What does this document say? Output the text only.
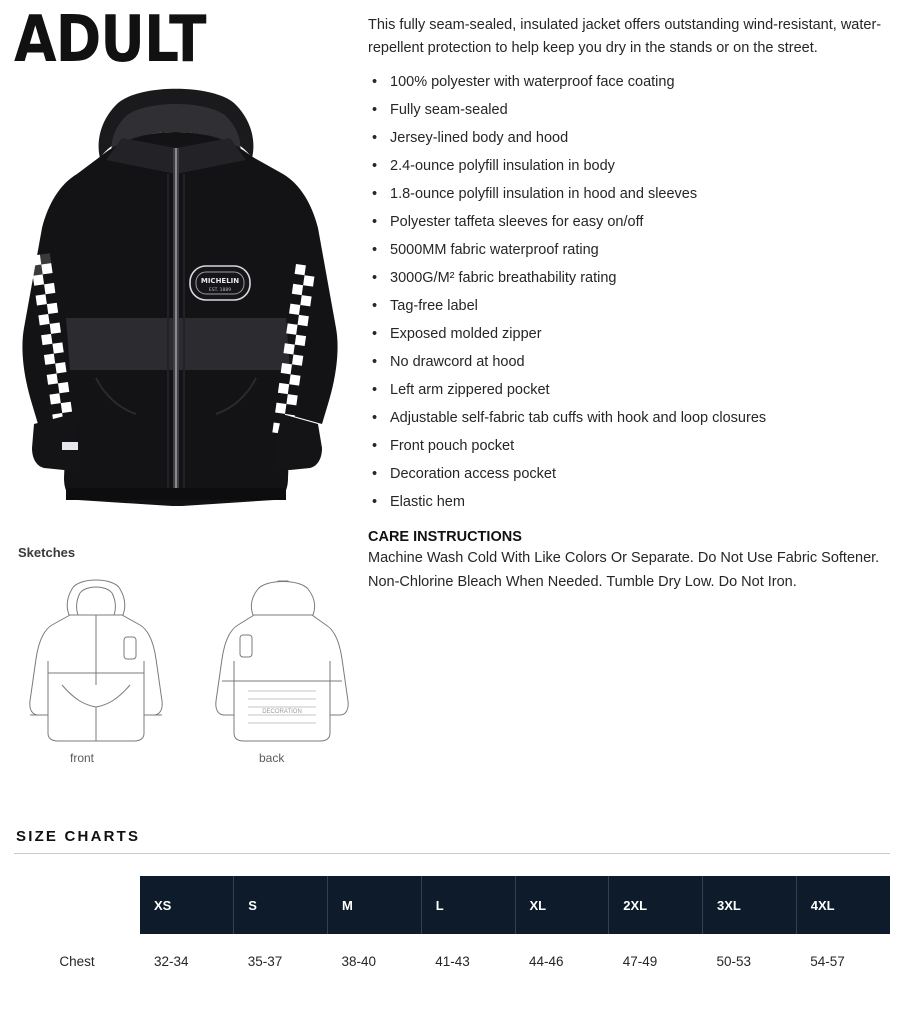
ADULT
MICHELIN
EST. 1889
Sketches
DECORATION
front	back

This fully seam-sealed, insulated jacket offers outstanding wind-resistant, water-repellent protection to help keep you dry in the stands or on the street.

• 100% polyester with waterproof face coating
• Fully seam-sealed
• Jersey-lined body and hood
• 2.4-ounce polyfill insulation in body
• 1.8-ounce polyfill insulation in hood and sleeves
• Polyester taffeta sleeves for easy on/off
• 5000MM fabric waterproof rating
• 3000G/M² fabric breathability rating
• Tag-free label
• Exposed molded zipper
• No drawcord at hood
• Left arm zippered pocket
• Adjustable self-fabric tab cuffs with hook and loop closures
• Front pouch pocket
• Decoration access pocket
• Elastic hem
CARE INSTRUCTIONS

Machine Wash Cold With Like Colors Or Separate. Do Not Use Fabric Softener. Non-Chlorine Bleach When Needed. Tumble Dry Low. Do Not Iron.

SIZE CHARTS
	XS	S	M	L	XL	2XL	3XL	4XL
Chest	32-34	35-37	38-40	41-43	44-46	47-49	50-53	54-57
